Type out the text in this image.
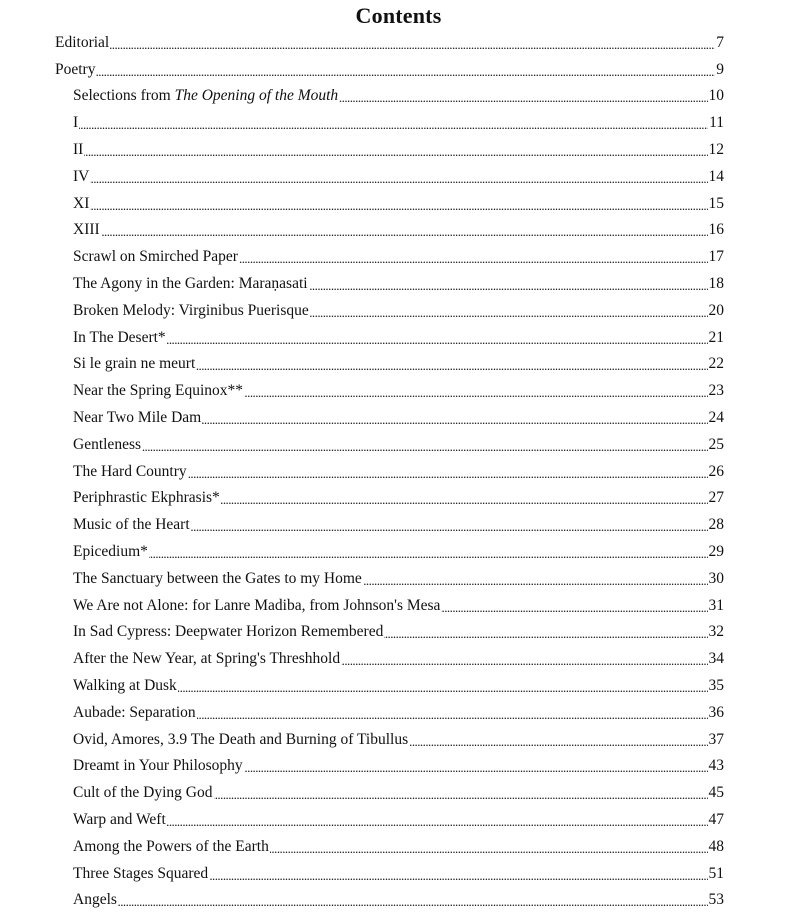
Contents
Editorial . . .	7
Poetry . . .	9
Selections from The Opening of the Mouth . . .	10
I . . .	11
II . . .	12
IV . . .	14
XI . . .	15
XIII . . .	16
Scrawl on Smirched Paper . . .	17
The Agony in the Garden: Maraṇasati . . .	18
Broken Melody: Virginibus Puerisque . . .	20
In The Desert* . . .	21
Si le grain ne meurt . . .	22
Near the Spring Equinox** . . .	23
Near Two Mile Dam . . .	24
Gentleness . . .	25
The Hard Country . . .	26
Periphrastic Ekphrasis* . . .	27
Music of the Heart . . .	28
Epicedium* . . .	29
The Sanctuary between the Gates to my Home . . .	30
We Are not Alone: for Lanre Madiba, from Johnson's Mesa . . .	31
In Sad Cypress: Deepwater Horizon Remembered . . .	32
After the New Year, at Spring's Threshhold . . .	34
Walking at Dusk . . .	35
Aubade: Separation . . .	36
Ovid, Amores, 3.9 The Death and Burning of Tibullus . . .	37
Dreamt in Your Philosophy . . .	43
Cult of the Dying God . . .	45
Warp and Weft . . .	47
Among the Powers of the Earth . . .	48
Three Stages Squared . . .	51
Angels . . .	53
